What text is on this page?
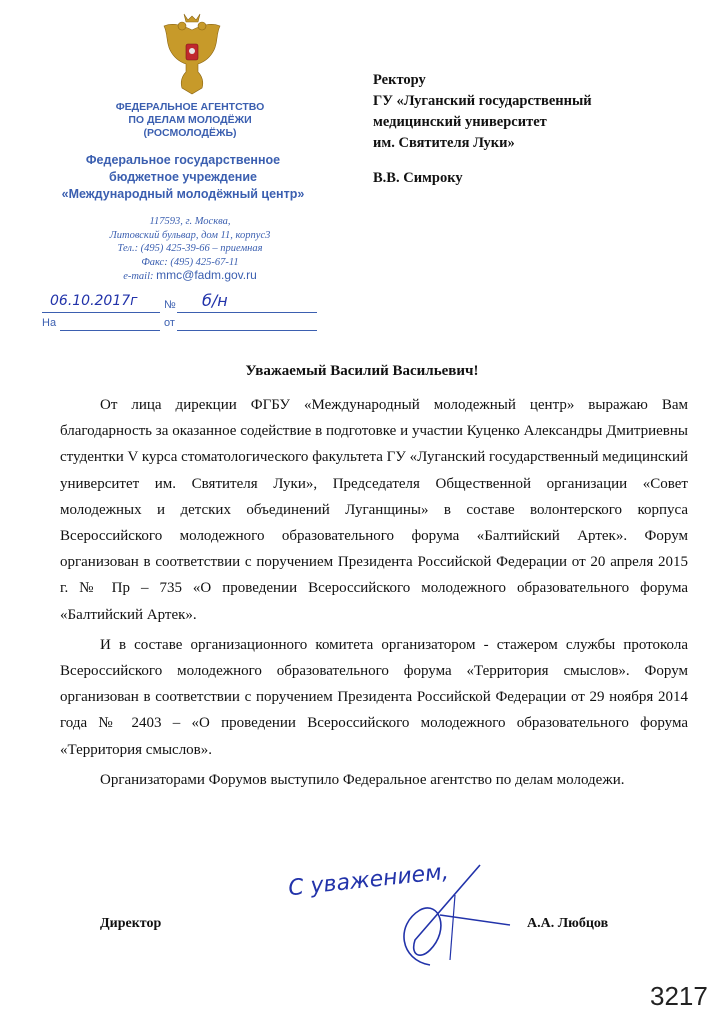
ФЕДЕРАЛЬНОЕ АГЕНТСТВО
ПО ДЕЛАМ МОЛОДЁЖИ
(РОСМОЛОДЁЖЬ)
Федеральное государственное
бюджетное учреждение
«Международный молодёжный центр»
117593, г. Москва,
Литовский бульвар, дом 11, корпус3
Тел.: (495) 425-39-66 – приемная
Факс: (495) 425-67-11
e-mail: mmc@fadm.gov.ru
06.10.2017г № б/н
На	от
Ректору
ГУ «Луганский государственный
медицинский университет
им. Святителя Луки»
В.В. Симроку
Уважаемый Василий Васильевич!

От лица дирекции ФГБУ «Международный молодежный центр» выражаю Вам благодарность за оказанное содействие в подготовке и участии Куценко Александры Дмитриевны студентки V курса стоматологического факультета ГУ «Луганский государственный медицинский университет им. Святителя Луки», Председателя Общественной организации «Совет молодежных и детских объединений Луганщины» в составе волонтерского корпуса Всероссийского молодежного образовательного форума «Балтийский Артек». Форум организован в соответствии с поручением Президента Российской Федерации от 20 апреля 2015 г. № Пр – 735 «О проведении Всероссийского молодежного образовательного форума «Балтийский Артек».

И в составе организационного комитета организатором - стажером службы протокола Всероссийского молодежного образовательного форума «Территория смыслов». Форум организован в соответствии с поручением Президента Российской Федерации от 29 ноября 2014 года № 2403 – «О проведении Всероссийского молодежного образовательного форума «Территория смыслов».

Организаторами Форумов выступило Федеральное агентство по делам молодежи.

С уважением,
Директор	А.А. Любцов
3217
